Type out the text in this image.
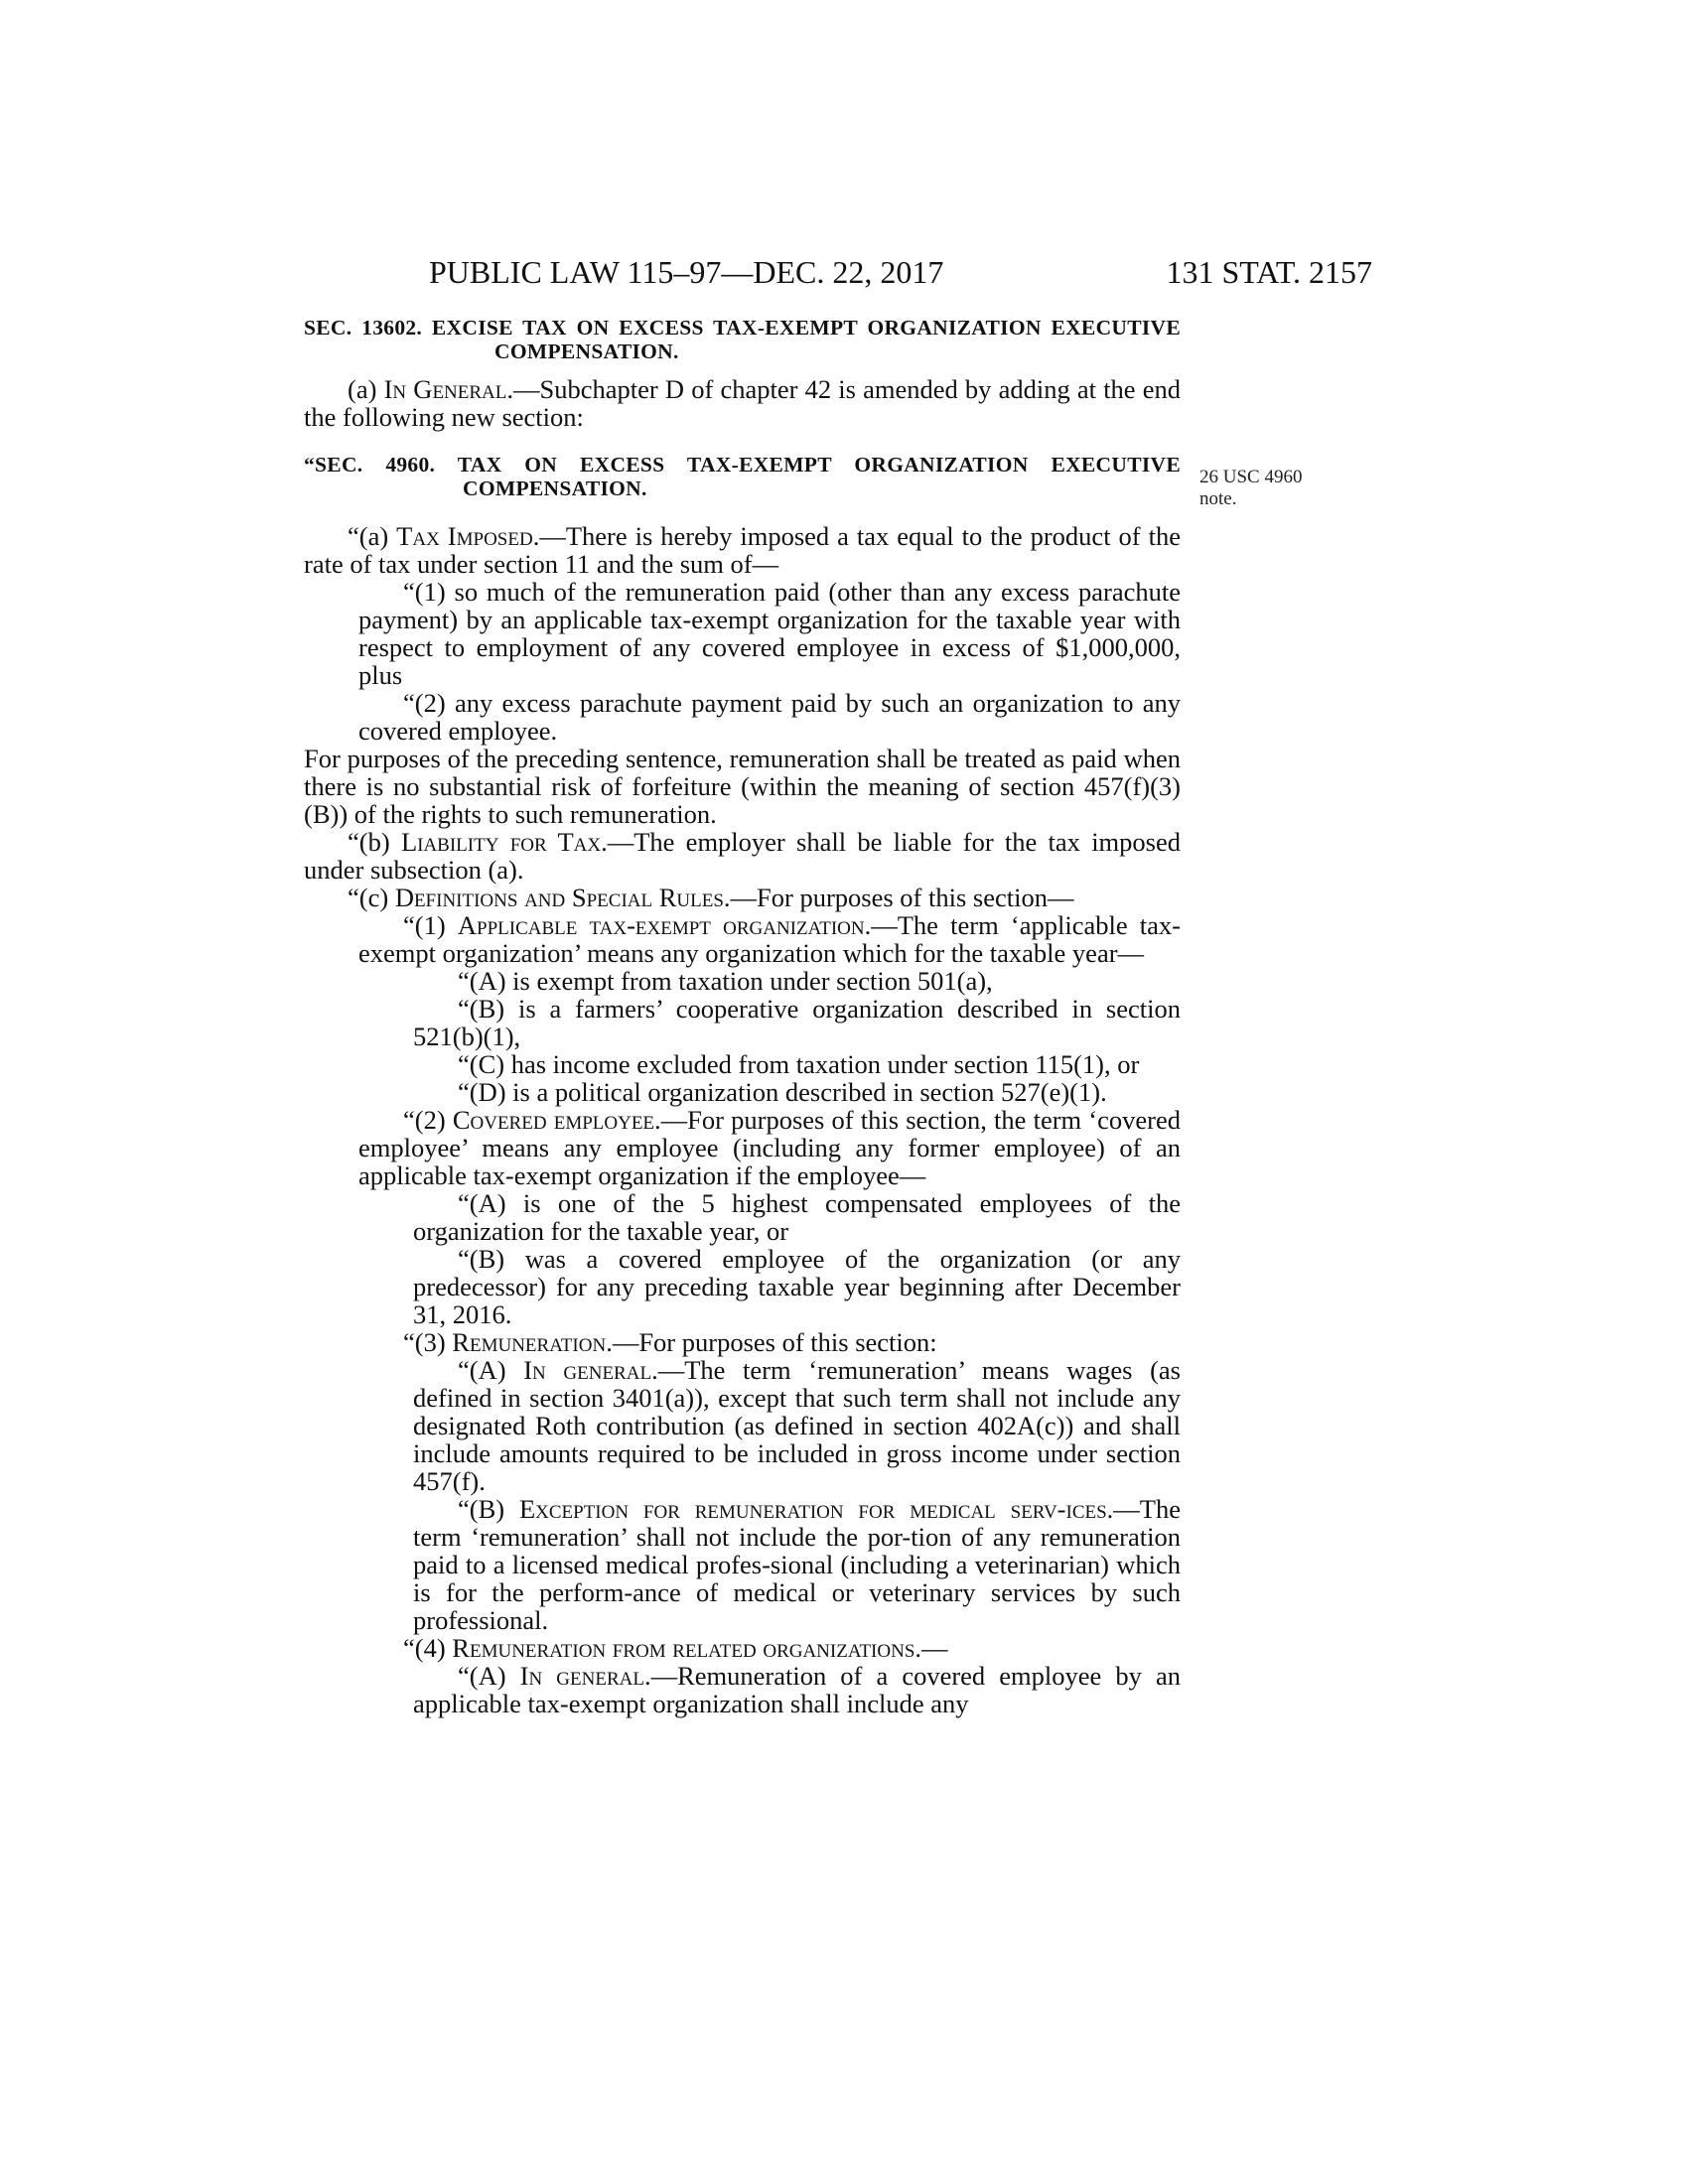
PUBLIC LAW 115–97—DEC. 22, 2017	131 STAT. 2157
26 USC 4960
note.

SEC. 13602. EXCISE TAX ON EXCESS TAX-EXEMPT ORGANIZATION EXECUTIVE COMPENSATION.

(a) In General.—Subchapter D of chapter 42 is amended by adding at the end the following new section:

“SEC. 4960. TAX ON EXCESS TAX-EXEMPT ORGANIZATION EXECUTIVE COMPENSATION.

“(a) Tax Imposed.—There is hereby imposed a tax equal to the product of the rate of tax under section 11 and the sum of—

“(1) so much of the remuneration paid (other than any excess parachute payment) by an applicable tax-exempt organization for the taxable year with respect to employment of any covered employee in excess of $1,000,000, plus

“(2) any excess parachute payment paid by such an organization to any covered employee.

For purposes of the preceding sentence, remuneration shall be treated as paid when there is no substantial risk of forfeiture (within the meaning of section 457(f)(3)(B)) of the rights to such remuneration.

“(b) Liability for Tax.—The employer shall be liable for the tax imposed under subsection (a).

“(c) Definitions and Special Rules.—For purposes of this section—

“(1) Applicable tax-exempt organization.—The term ‘applicable tax-exempt organization’ means any organization which for the taxable year—

“(A) is exempt from taxation under section 501(a),

“(B) is a farmers’ cooperative organization described in section 521(b)(1),

“(C) has income excluded from taxation under section 115(1), or

“(D) is a political organization described in section 527(e)(1).

“(2) Covered employee.—For purposes of this section, the term ‘covered employee’ means any employee (including any former employee) of an applicable tax-exempt organization if the employee—

“(A) is one of the 5 highest compensated employees of the organization for the taxable year, or

“(B) was a covered employee of the organization (or any predecessor) for any preceding taxable year beginning after December 31, 2016.

“(3) Remuneration.—For purposes of this section:

“(A) In general.—The term ‘remuneration’ means wages (as defined in section 3401(a)), except that such term shall not include any designated Roth contribution (as defined in section 402A(c)) and shall include amounts required to be included in gross income under section 457(f).

“(B) Exception for remuneration for medical serv-ices.—The term ‘remuneration’ shall not include the por-tion of any remuneration paid to a licensed medical profes-sional (including a veterinarian) which is for the perform-ance of medical or veterinary services by such professional.

“(4) Remuneration from related organizations.—

“(A) In general.—Remuneration of a covered employee by an applicable tax-exempt organization shall include any
